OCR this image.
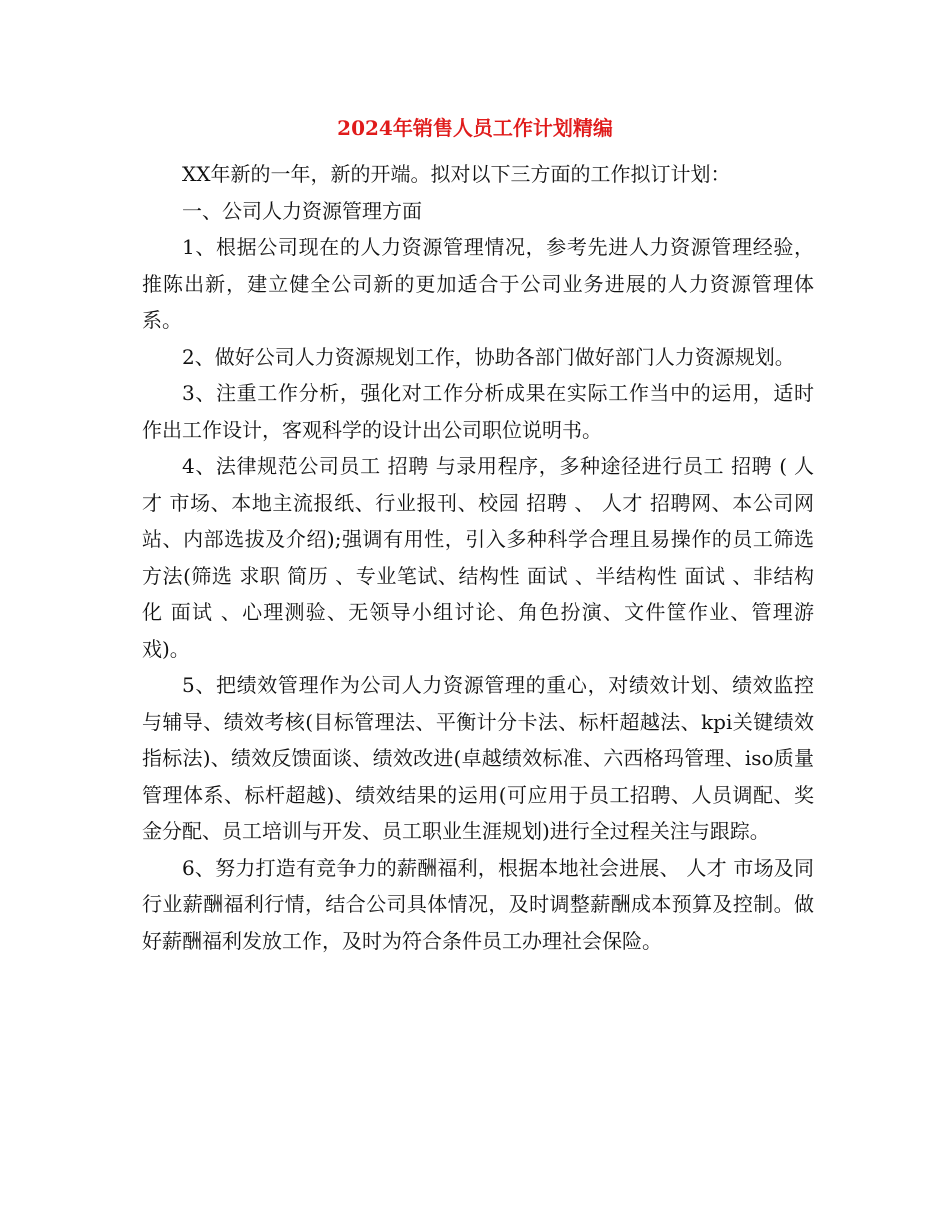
2024年销售人员工作计划精编

XX年新的一年，新的开端。拟对以下三方面的工作拟订计划：

一、公司人力资源管理方面

1、根据公司现在的人力资源管理情况，参考先进人力资源管理经验，推陈出新，建立健全公司新的更加适合于公司业务进展的人力资源管理体系。

2、做好公司人力资源规划工作，协助各部门做好部门人力资源规划。

3、注重工作分析，强化对工作分析成果在实际工作当中的运用，适时作出工作设计，客观科学的设计出公司职位说明书。

4、法律规范公司员工 招聘 与录用程序，多种途径进行员工 招聘 ( 人才 市场、本地主流报纸、行业报刊、校园 招聘 、 人才 招聘网、本公司网站、内部选拔及介绍);强调有用性，引入多种科学合理且易操作的员工筛选方法(筛选 求职 简历 、专业笔试、结构性 面试 、半结构性 面试 、非结构化 面试 、心理测验、无领导小组讨论、角色扮演、文件筐作业、管理游戏)。

5、把绩效管理作为公司人力资源管理的重心，对绩效计划、绩效监控与辅导、绩效考核(目标管理法、平衡计分卡法、标杆超越法、kpi关键绩效指标法)、绩效反馈面谈、绩效改进(卓越绩效标准、六西格玛管理、iso质量管理体系、标杆超越)、绩效结果的运用(可应用于员工招聘、人员调配、奖金分配、员工培训与开发、员工职业生涯规划)进行全过程关注与跟踪。

6、努力打造有竞争力的薪酬福利，根据本地社会进展、 人才 市场及同行业薪酬福利行情，结合公司具体情况，及时调整薪酬成本预算及控制。做好薪酬福利发放工作，及时为符合条件员工办理社会保险。
